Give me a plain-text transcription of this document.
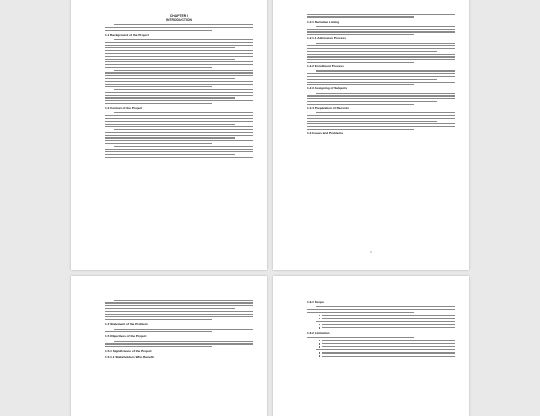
CHAPTER I
INTRODUCTION
1.1 Background of the Project
1.2 Context of the Project
1.2.1 Narrative Listing
1.2.1.1 Admission Process
1.2.2 Enrollment Process
1.2.3 Assigning of Subjects
1.2.4 Preparation of Records
1.3 Issues and Problems
2
1.4 Statement of the Problem
1.5 Objectives of the Project
1.5.1 Significance of the Project
1.5.1.1 Stakeholders Who Benefit
1.6.1 Scope
1.6.2 Limitation
